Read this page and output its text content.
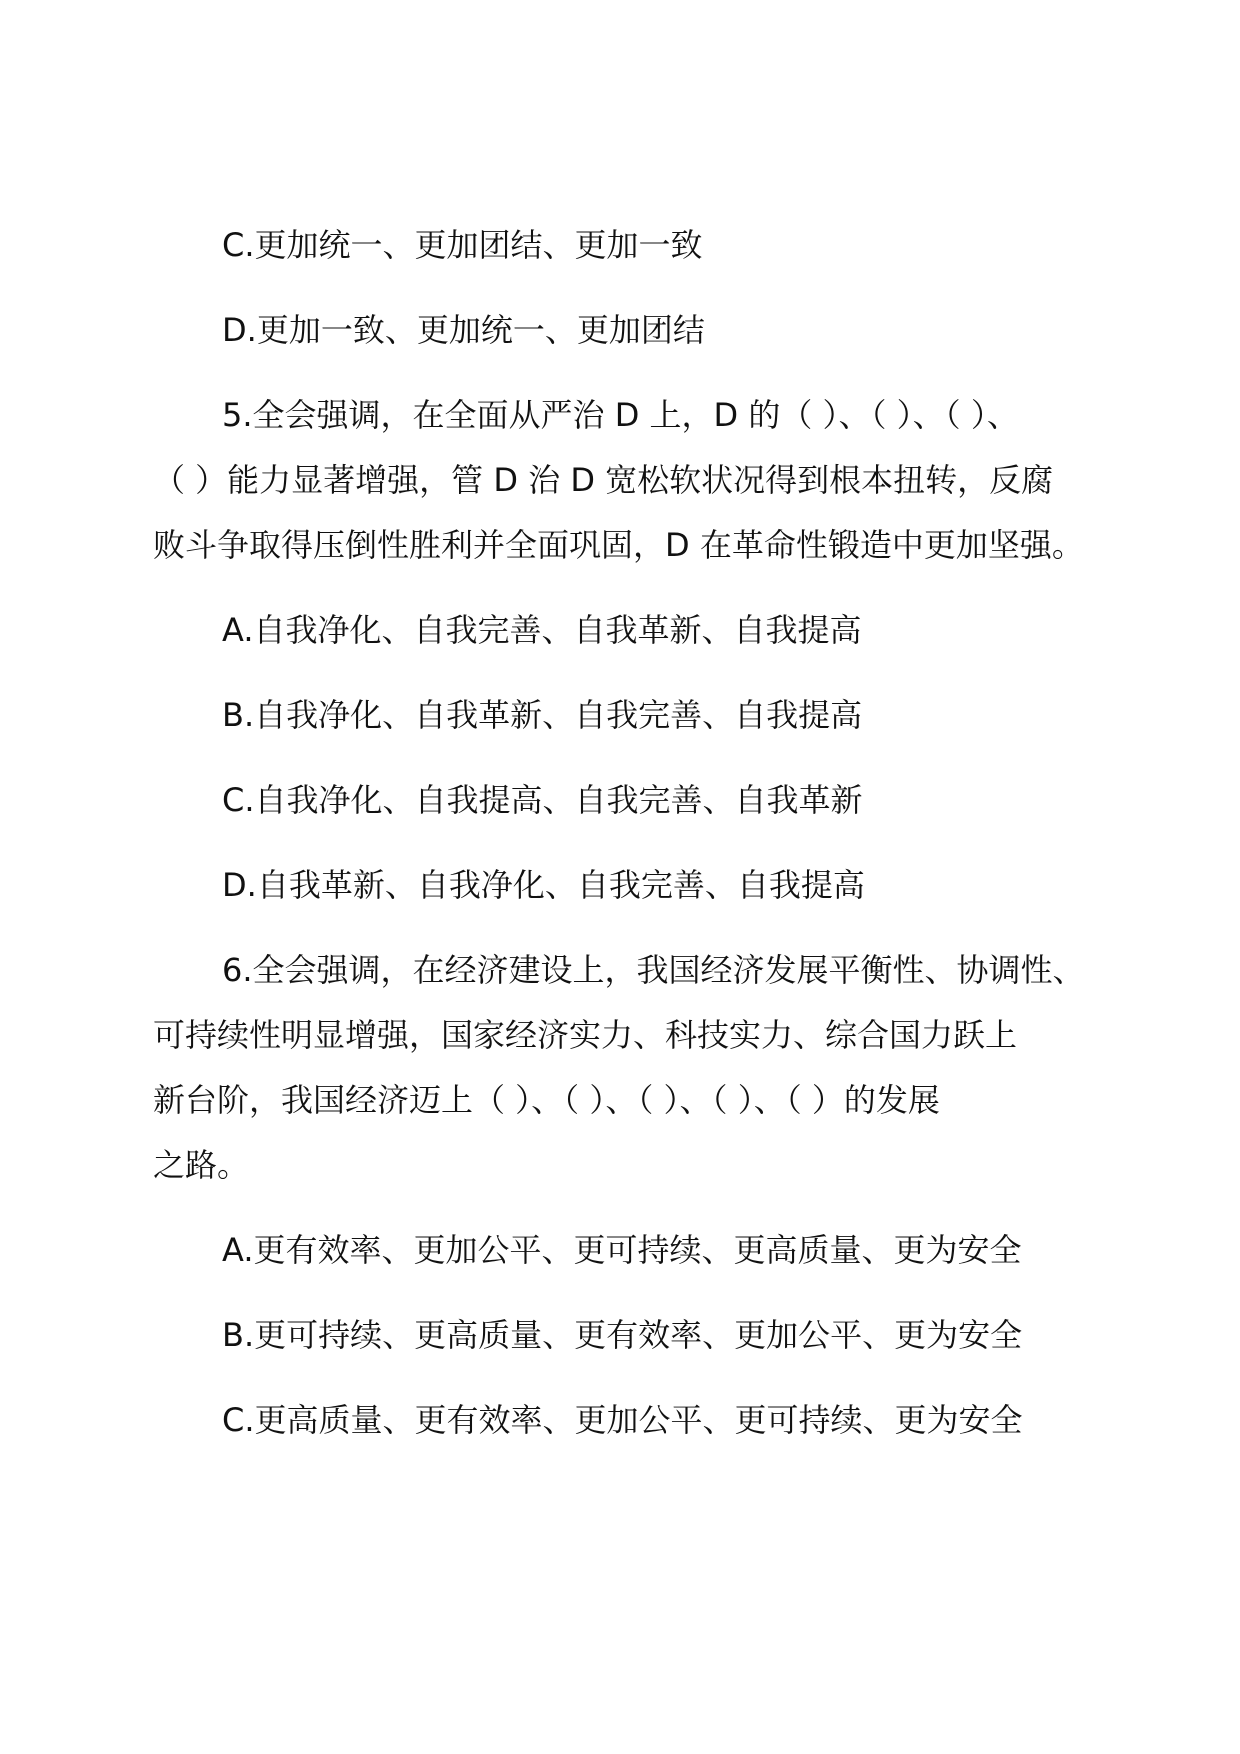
C.更加统一、更加团结、更加一致
D.更加一致、更加统一、更加团结
5.全会强调，在全面从严治 D 上，D 的（ ）、（ ）、（ ）、
（ ）能力显著增强，管 D 治 D 宽松软状况得到根本扭转，反腐
败斗争取得压倒性胜利并全面巩固，D 在革命性锻造中更加坚强。
A.自我净化、自我完善、自我革新、自我提高
B.自我净化、自我革新、自我完善、自我提高
C.自我净化、自我提高、自我完善、自我革新
D.自我革新、自我净化、自我完善、自我提高
6.全会强调，在经济建设上，我国经济发展平衡性、协调性、
可持续性明显增强，国家经济实力、科技实力、综合国力跃上
新台阶，我国经济迈上（ ）、（ ）、（ ）、（ ）、（ ）的发展
之路。
A.更有效率、更加公平、更可持续、更高质量、更为安全
B.更可持续、更高质量、更有效率、更加公平、更为安全
C.更高质量、更有效率、更加公平、更可持续、更为安全
